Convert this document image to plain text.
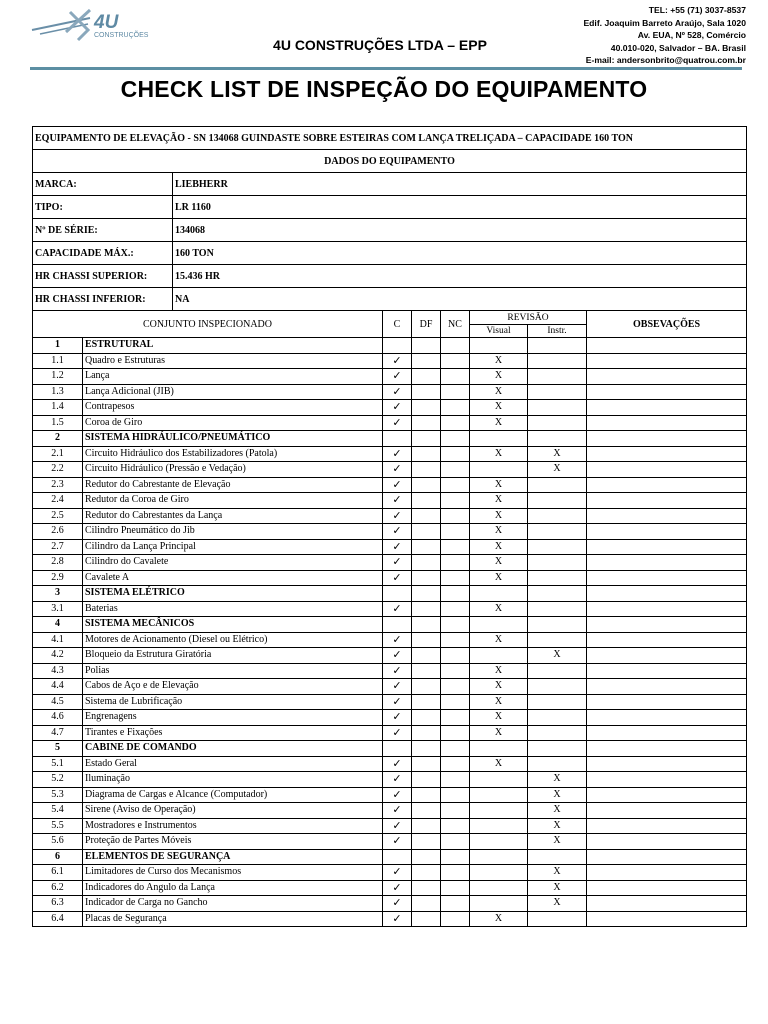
4U
CONSTRUÇÕES
4U CONSTRUÇÕES LTDA – EPP
TEL: +55 (71) 3037-8537
Edif. Joaquim Barreto Araújo, Sala 1020
Av. EUA, Nº 528, Comércio
40.010-020, Salvador – BA. Brasil
E-mail: andersonbrito@quatrou.com.br
CHECK LIST DE INSPEÇÃO DO EQUIPAMENTO
EQUIPAMENTO DE ELEVAÇÃO - SN 134068 GUINDASTE SOBRE ESTEIRAS COM LANÇA TRELIÇADA – CAPACIDADE 160 TON								
DADOS DO EQUIPAMENTO								
MARCA:		LIEBHERR						
TIPO:		LR 1160						
Nº DE SÉRIE:		134068						
CAPACIDADE MÁX.:		160 TON						
HR CHASSI SUPERIOR:		15.436 HR						
HR CHASSI INFERIOR:		NA						
CONJUNTO INSPECIONADO			C	DF	NC	REVISÃO		OBSEVAÇÕES
						Visual	Instr.	
1	ESTRUTURAL							
1.1	Quadro e Estruturas		✓			X		
1.2	Lança		✓			X		
1.3	Lança Adicional (JIB)		✓			X		
1.4	Contrapesos		✓			X		
1.5	Coroa de Giro		✓			X		
2	SISTEMA HIDRÁULICO/PNEUMÁTICO							
2.1	Circuito Hidráulico dos Estabilizadores (Patola)		✓			X	X	
2.2	Circuito Hidráulico (Pressão e Vedação)		✓				X	
2.3	Redutor do Cabrestante de Elevação		✓			X		
2.4	Redutor da Coroa de Giro		✓			X		
2.5	Redutor do Cabrestantes da Lança		✓			X		
2.6	Cilindro Pneumático do Jib		✓			X		
2.7	Cilindro da Lança Principal		✓			X		
2.8	Cilindro do Cavalete		✓			X		
2.9	Cavalete A		✓			X		
3	SISTEMA ELÉTRICO							
3.1	Baterias		✓			X		
4	SISTEMA MECÂNICOS							
4.1	Motores de Acionamento (Diesel ou Elétrico)		✓			X		
4.2	Bloqueio da Estrutura Giratória		✓				X	
4.3	Polias		✓			X		
4.4	Cabos de Aço e de Elevação		✓			X		
4.5	Sistema de Lubrificação		✓			X		
4.6	Engrenagens		✓			X		
4.7	Tirantes e Fixações		✓			X		
5	CABINE DE COMANDO							
5.1	Estado Geral		✓			X		
5.2	Iluminação		✓				X	
5.3	Diagrama de Cargas e Alcance (Computador)		✓				X	
5.4	Sirene (Aviso de Operação)		✓				X	
5.5	Mostradores e Instrumentos		✓				X	
5.6	Proteção de Partes Móveis		✓				X	
6	ELEMENTOS DE SEGURANÇA							
6.1	Limitadores de Curso dos Mecanismos		✓				X	
6.2	Indicadores do Angulo da Lança		✓				X	
6.3	Indicador de Carga no Gancho		✓				X	
6.4	Placas de Segurança		✓			X		
